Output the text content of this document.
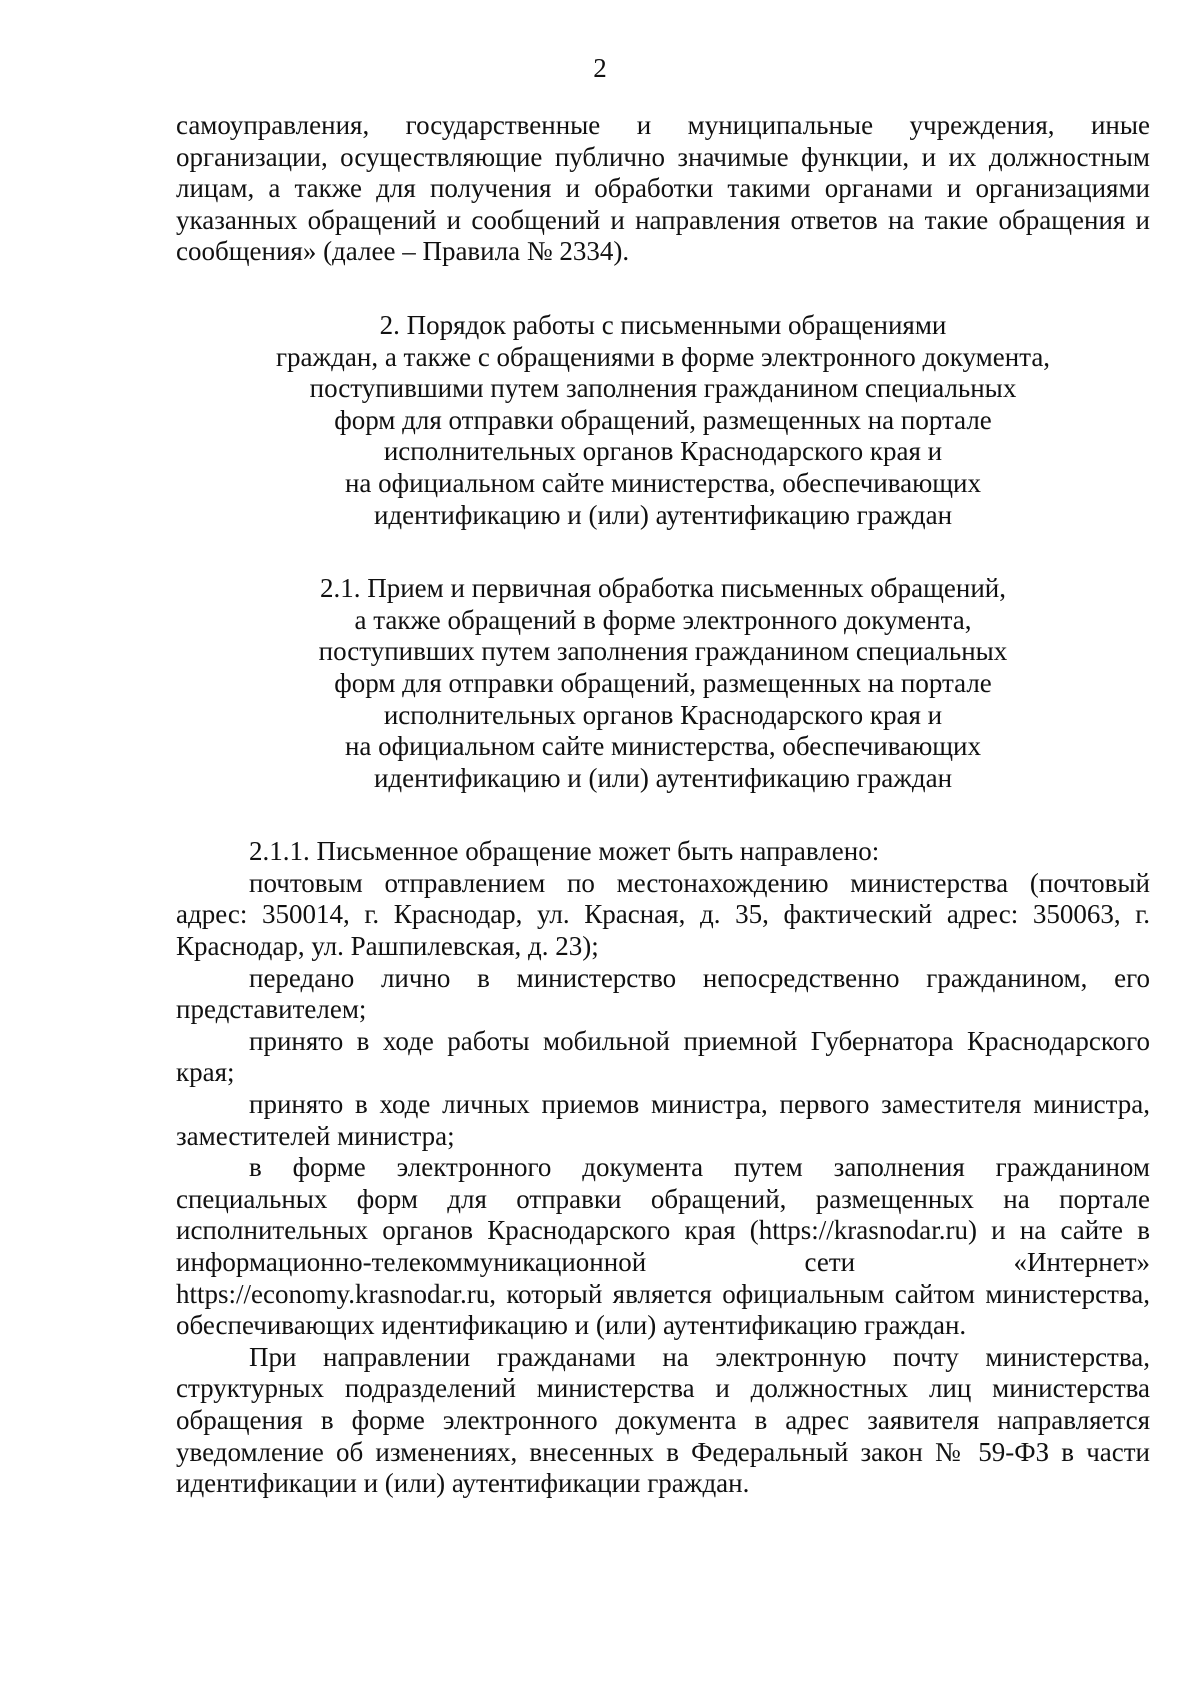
2

самоуправления, государственные и муниципальные учреждения, иные организации, осуществляющие публично значимые функции, и их должностным лицам, а также для получения и обработки такими органами и организациями указанных обращений и сообщений и направления ответов на такие обращения и сообщения» (далее – Правила № 2334).

2. Порядок работы с письменными обращениями
граждан, а также с обращениями в форме электронного документа,
поступившими путем заполнения гражданином специальных
форм для отправки обращений, размещенных на портале
исполнительных органов Краснодарского края и
на официальном сайте министерства, обеспечивающих
идентификацию и (или) аутентификацию граждан

2.1. Прием и первичная обработка письменных обращений,
а также обращений в форме электронного документа,
поступивших путем заполнения гражданином специальных
форм для отправки обращений, размещенных на портале
исполнительных органов Краснодарского края и
на официальном сайте министерства, обеспечивающих
идентификацию и (или) аутентификацию граждан

2.1.1. Письменное обращение может быть направлено:

почтовым отправлением по местонахождению министерства (почтовый адрес: 350014, г. Краснодар, ул. Красная, д. 35, фактический адрес: 350063, г. Краснодар, ул. Рашпилевская, д. 23);

передано лично в министерство непосредственно гражданином, его представителем;

принято в ходе работы мобильной приемной Губернатора Краснодарского края;

принято в ходе личных приемов министра, первого заместителя министра, заместителей министра;

в форме электронного документа путем заполнения гражданином специальных форм для отправки обращений, размещенных на портале исполнительных органов Краснодарского края (https://krasnodar.ru) и на сайте в информационно-телекоммуникационной сети «Интернет» https://economy.krasnodar.ru, который является официальным сайтом министерства, обеспечивающих идентификацию и (или) аутентификацию граждан.

При направлении гражданами на электронную почту министерства, структурных подразделений министерства и должностных лиц министерства обращения в форме электронного документа в адрес заявителя направляется уведомление об изменениях, внесенных в Федеральный закон № 59-ФЗ в части идентификации и (или) аутентификации граждан.
